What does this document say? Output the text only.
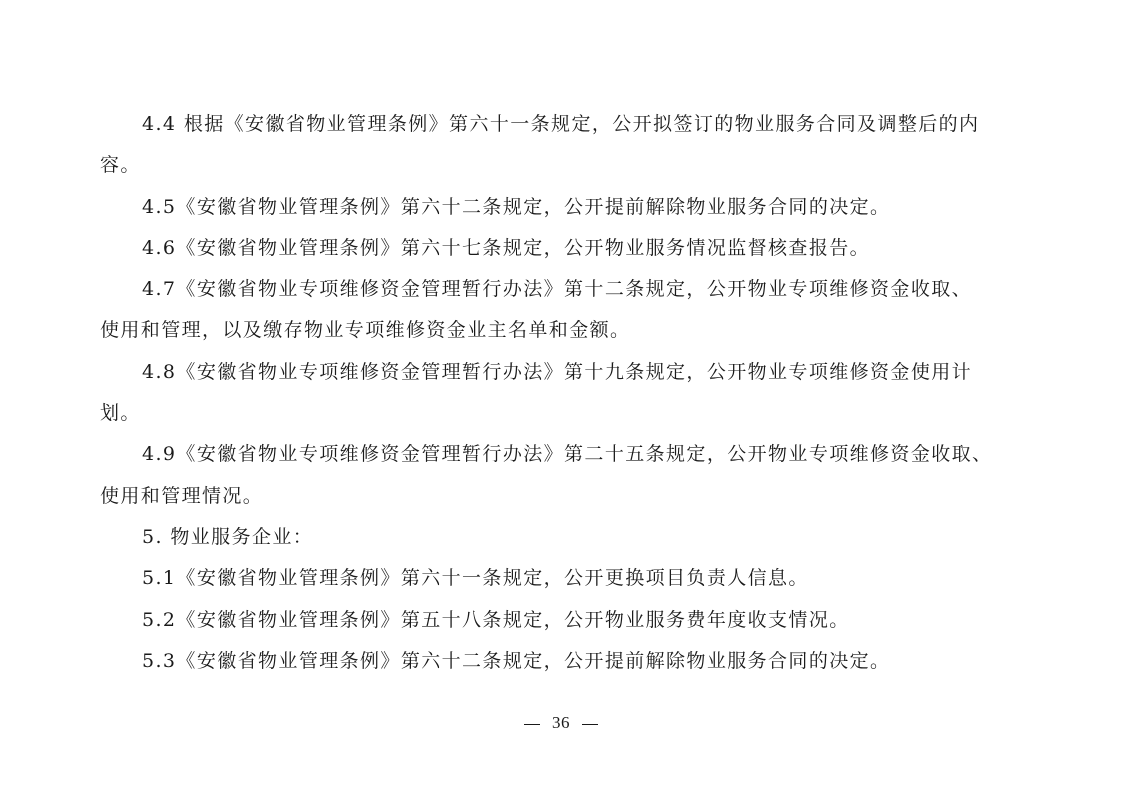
4.4 根据《安徽省物业管理条例》第六十一条规定，公开拟签订的物业服务合同及调整后的内
容。
4.5《安徽省物业管理条例》第六十二条规定，公开提前解除物业服务合同的决定。
4.6《安徽省物业管理条例》第六十七条规定，公开物业服务情况监督核查报告。
4.7《安徽省物业专项维修资金管理暂行办法》第十二条规定，公开物业专项维修资金收取、
使用和管理，以及缴存物业专项维修资金业主名单和金额。
4.8《安徽省物业专项维修资金管理暂行办法》第十九条规定，公开物业专项维修资金使用计
划。
4.9《安徽省物业专项维修资金管理暂行办法》第二十五条规定，公开物业专项维修资金收取、
使用和管理情况。
5. 物业服务企业：
5.1《安徽省物业管理条例》第六十一条规定，公开更换项目负责人信息。
5.2《安徽省物业管理条例》第五十八条规定，公开物业服务费年度收支情况。
5.3《安徽省物业管理条例》第六十二条规定，公开提前解除物业服务合同的决定。
36
